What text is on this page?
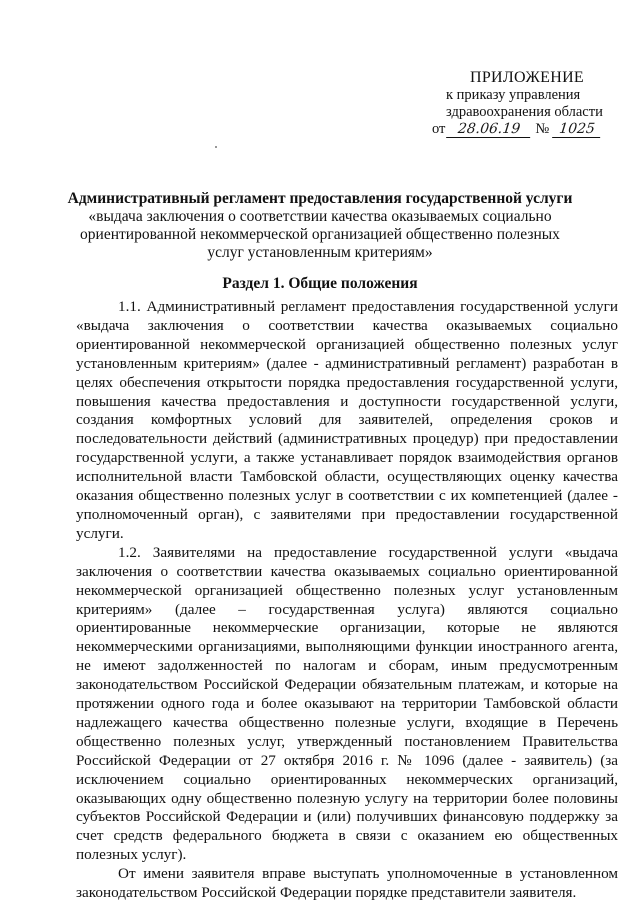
ПРИЛОЖЕНИЕ
к приказу управления
здравоохранения области
от 28.06.19 № 1025
Административный регламент предоставления государственной услуги
«выдача заключения о соответствии качества оказываемых социально ориентированной некоммерческой организацией общественно полезных услуг установленным критериям»
Раздел 1. Общие положения

1.1. Административный регламент предоставления государственной услуги «выдача заключения о соответствии качества оказываемых социально ориентированной некоммерческой организацией общественно полезных услуг установленным критериям» (далее - административный регламент) разработан в целях обеспечения открытости порядка предоставления государственной услуги, повышения качества предоставления и доступности государственной услуги, создания комфортных условий для заявителей, определения сроков и последовательности действий (административных процедур) при предоставлении государственной услуги, а также устанавливает порядок взаимодействия органов исполнительной власти Тамбовской области, осуществляющих оценку качества оказания общественно полезных услуг в соответствии с их компетенцией (далее - уполномоченный орган), с заявителями при предоставлении государственной услуги.

1.2. Заявителями на предоставление государственной услуги «выдача заключения о соответствии качества оказываемых социально ориентированной некоммерческой организацией общественно полезных услуг установленным критериям» (далее – государственная услуга) являются социально ориентированные некоммерческие организации, которые не являются некоммерческими организациями, выполняющими функции иностранного агента, не имеют задолженностей по налогам и сборам, иным предусмотренным законодательством Российской Федерации обязательным платежам, и которые на протяжении одного года и более оказывают на территории Тамбовской области надлежащего качества общественно полезные услуги, входящие в Перечень общественно полезных услуг, утвержденный постановлением Правительства Российской Федерации от 27 октября 2016 г. № 1096 (далее - заявитель) (за исключением социально ориентированных некоммерческих организаций, оказывающих одну общественно полезную услугу на территории более половины субъектов Российской Федерации и (или) получивших финансовую поддержку за счет средств федерального бюджета в связи с оказанием ею общественных полезных услуг).

От имени заявителя вправе выступать уполномоченные в установленном законодательством Российской Федерации порядке представители заявителя.
